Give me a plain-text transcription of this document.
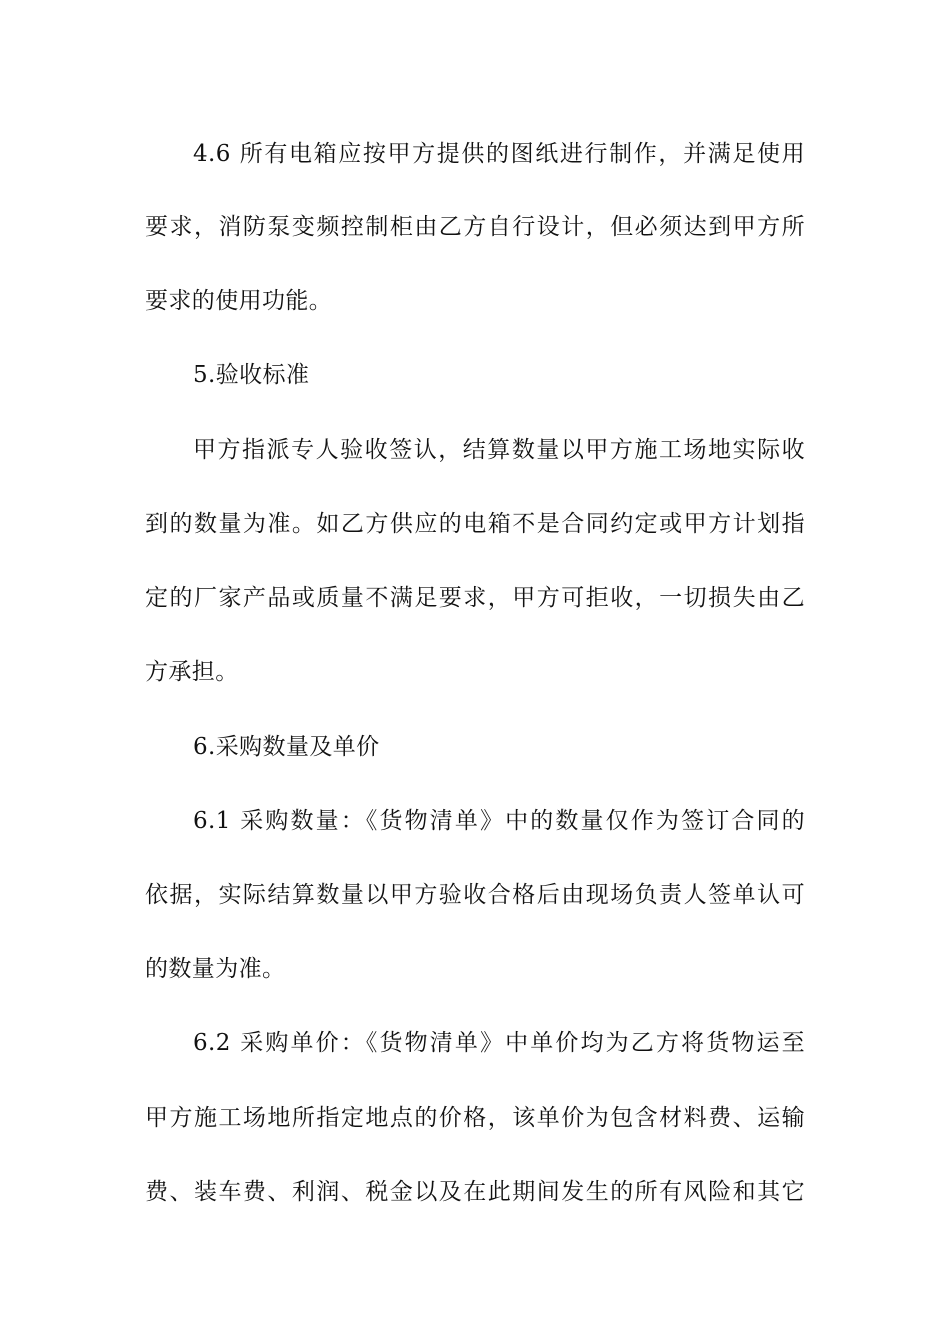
4.6 所有电箱应按甲方提供的图纸进行制作，并满足使用
要求，消防泵变频控制柜由乙方自行设计，但必须达到甲方所
要求的使用功能。
5.验收标准
甲方指派专人验收签认，结算数量以甲方施工场地实际收
到的数量为准。如乙方供应的电箱不是合同约定或甲方计划指
定的厂家产品或质量不满足要求，甲方可拒收，一切损失由乙
方承担。
6.采购数量及单价
6.1 采购数量：《货物清单》中的数量仅作为签订合同的
依据，实际结算数量以甲方验收合格后由现场负责人签单认可
的数量为准。
6.2 采购单价：《货物清单》中单价均为乙方将货物运至
甲方施工场地所指定地点的价格，该单价为包含材料费、运输
费、装车费、利润、税金以及在此期间发生的所有风险和其它
